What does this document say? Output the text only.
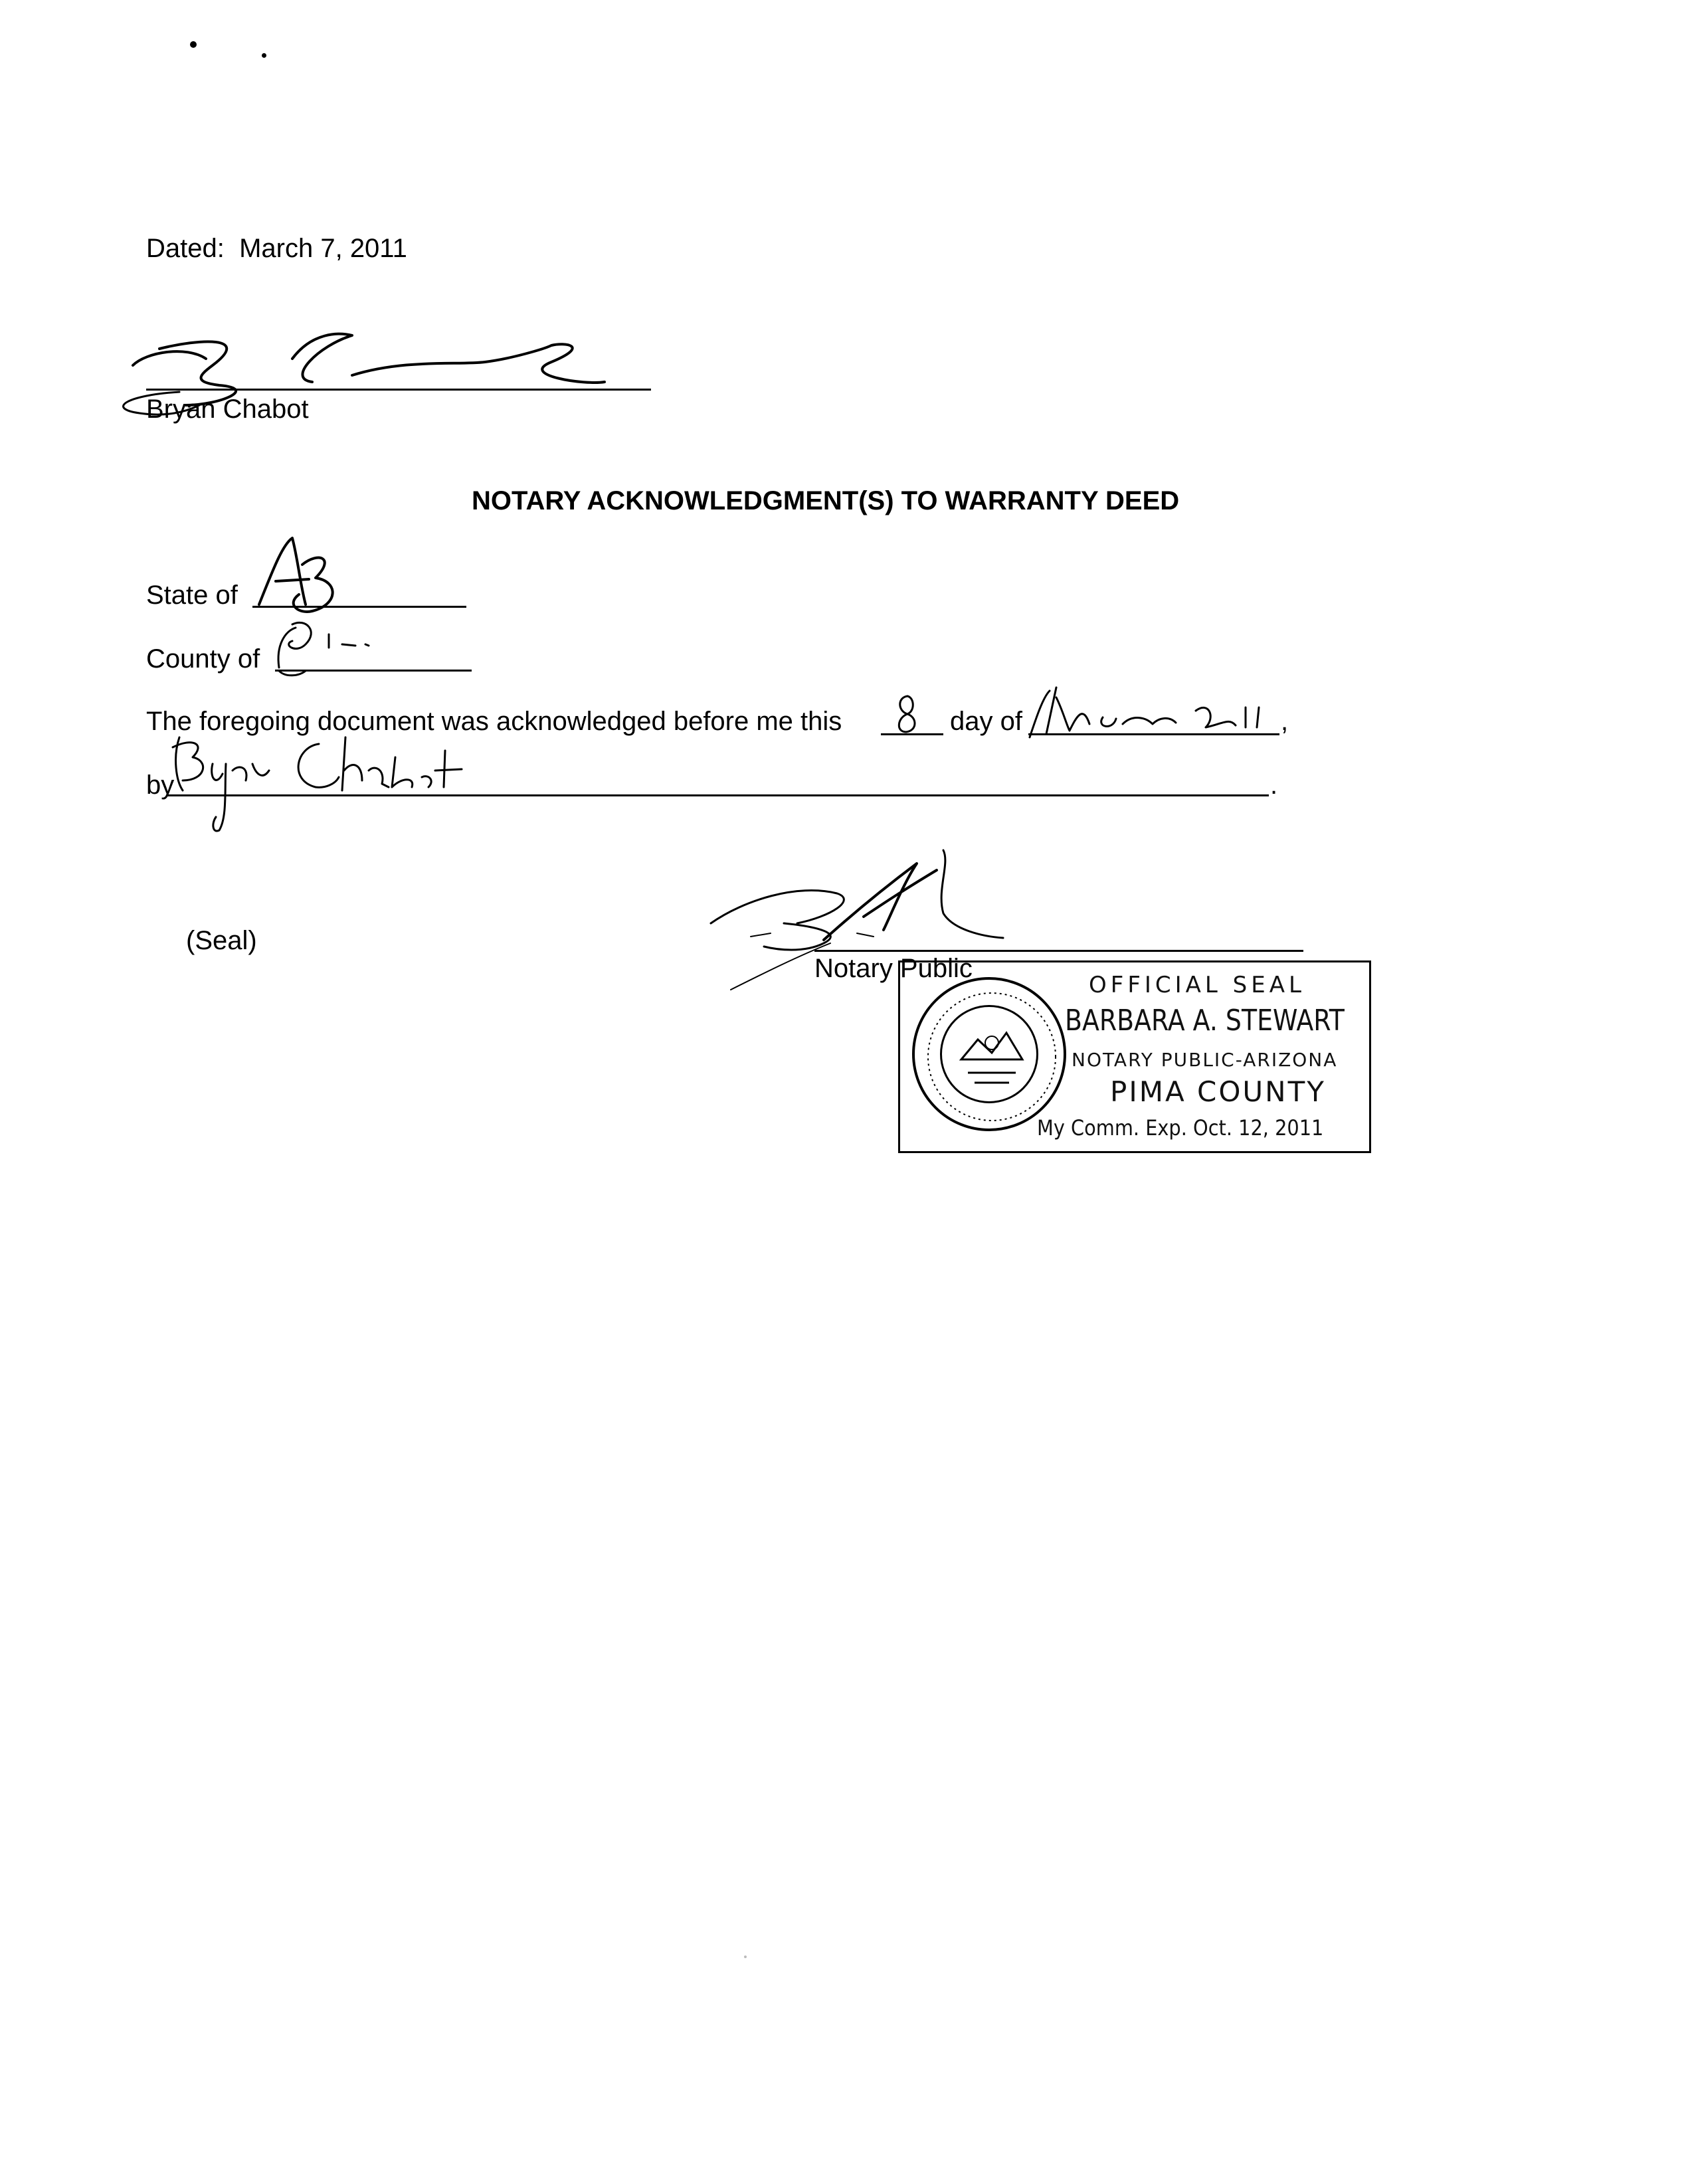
Dated: March 7, 2011
Bryan Chabot
NOTARY ACKNOWLEDGMENT(S) TO WARRANTY DEED
State of
County of
The foregoing document was acknowledged before me this	day of	,
by	.
(Seal)
Notary Public
OFFICIAL SEAL
BARBARA A. STEWART
NOTARY PUBLIC-ARIZONA
PIMA COUNTY
My Comm. Exp. Oct. 12, 2011
